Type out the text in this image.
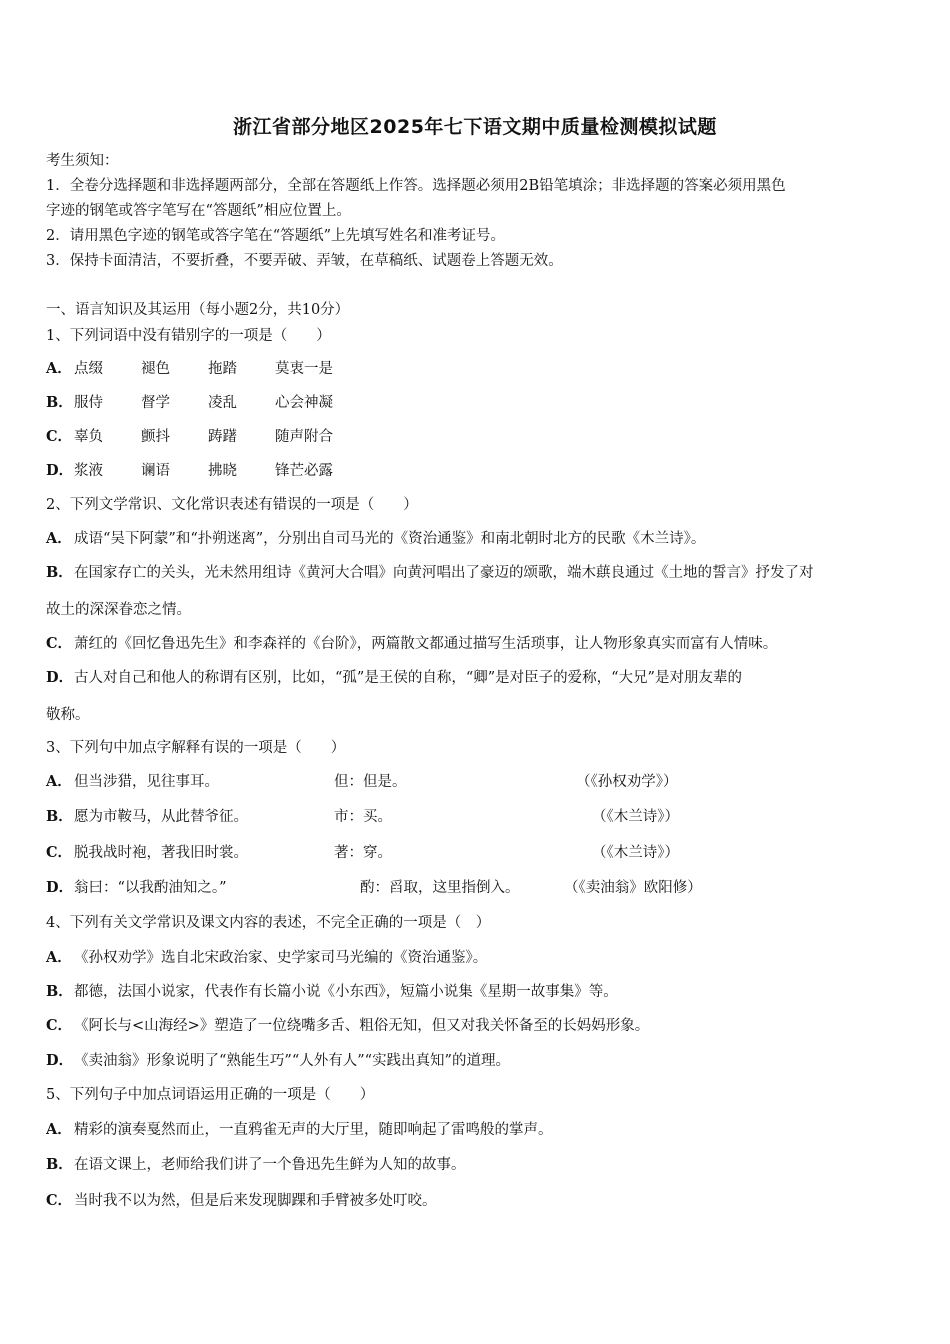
浙江省部分地区2025年七下语文期中质量检测模拟试题
考生须知：
1．全卷分选择题和非选择题两部分，全部在答题纸上作答。选择题必须用2B铅笔填涂；非选择题的答案必须用黑色
字迹的钢笔或答字笔写在“答题纸”相应位置上。
2．请用黑色字迹的钢笔或答字笔在“答题纸”上先填写姓名和准考证号。
3．保持卡面清洁，不要折叠，不要弄破、弄皱，在草稿纸、试题卷上答题无效。
一、语言知识及其运用（每小题2分，共10分）
1、下列词语中没有错别字的一项是（　　）
A． 点缀	褪色	拖踏	莫衷一是
B．服侍	督学	凌乱	心会神凝
C． 辜负	颤抖	踌躇	随声附合
D．浆液	谰语	拂晓	锋芒必露
2、下列文学常识、文化常识表述有错误的一项是（　　）
A． 成语“吴下阿蒙”和“扑朔迷离”，分别出自司马光的《资治通鉴》和南北朝时北方的民歌《木兰诗》。
B．在国家存亡的关头，光未然用组诗《黄河大合唱》向黄河唱出了豪迈的颂歌，端木蕻良通过《土地的誓言》抒发了对
故土的深深眷恋之情。
C． 萧红的《回忆鲁迅先生》和李森祥的《台阶》，两篇散文都通过描写生活琐事，让人物形象真实而富有人情味。
D．古人对自己和他人的称谓有区别，比如，“孤”是王侯的自称，“卿”是对臣子的爱称，“大兄”是对朋友辈的
敬称。
3、下列句中加点字解释有误的一项是（　　）
A． 但当涉猎，见往事耳。	但：但是。	（《孙权劝学》）
B．愿为市鞍马，从此替爷征。	市：买。	（《木兰诗》）
C． 脱我战时袍，著我旧时裳。	著：穿。	（《木兰诗》）
D．翁曰：“以我酌油知之。”	酌：舀取，这里指倒入。	（《卖油翁》欧阳修）
4、下列有关文学常识及课文内容的表述，不完全正确的一项是（　）
A． 《孙权劝学》选自北宋政治家、史学家司马光编的《资治通鉴》。
B．都德，法国小说家，代表作有长篇小说《小东西》，短篇小说集《星期一故事集》等。
C． 《阿长与<山海经>》塑造了一位绕嘴多舌、粗俗无知，但又对我关怀备至的长妈妈形象。
D．《卖油翁》形象说明了“熟能生巧”“人外有人”“实践出真知”的道理。
5、下列句子中加点词语运用正确的一项是（　　）
A． 精彩的演奏戛然而止，一直鸦雀无声的大厅里，随即响起了雷鸣般的掌声。
B．在语文课上，老师给我们讲了一个鲁迅先生鲜为人知的故事。
C． 当时我不以为然，但是后来发现脚踝和手臂被多处叮咬。
